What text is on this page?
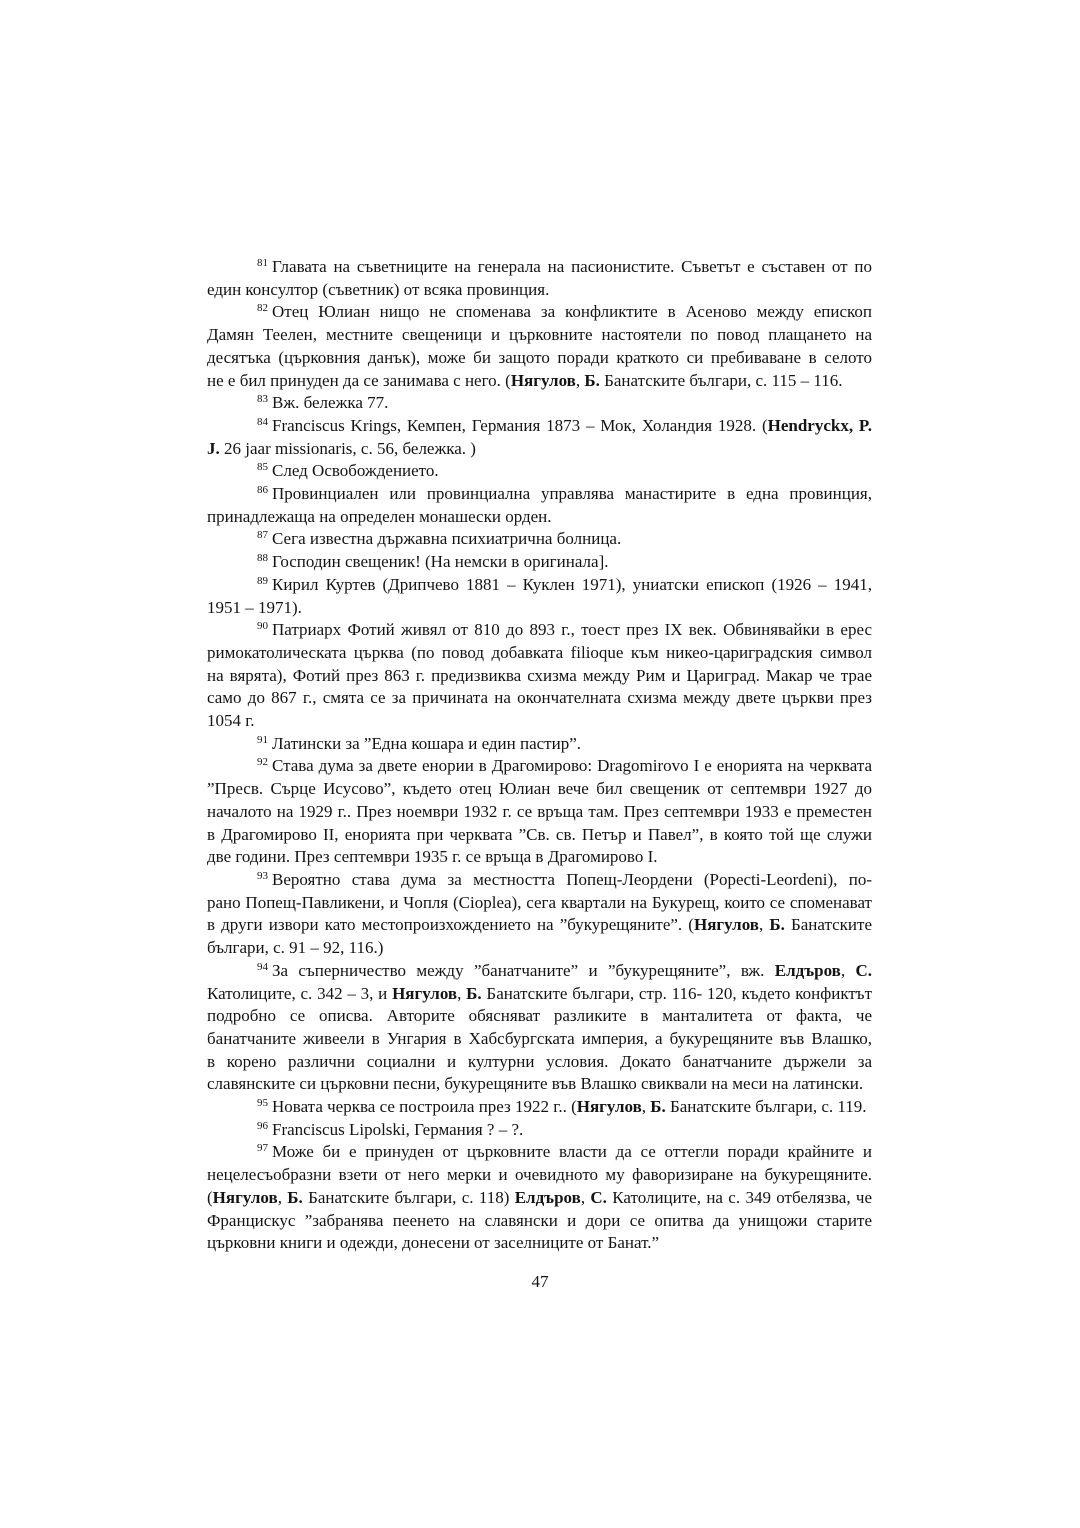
$^{81}$ Главата на съветниците на генерала на пасионистите. Съветът е съставен от по
един консултор (съветник) от всяка провинция.
$^{82}$ Отец Юлиан нищо не споменава за конфликтите в Асеново между епископ
Дамян Теелен, местните свещеници и църковните настоятели по повод плащането на
десятъка (църковния данък), може би защото поради краткото си пребиваване в селото
не е бил принуден да се занимава с него. (Нягулов, Б. Банатските българи, с. 115 – 116.
$^{83}$ Вж. бележка 77.
$^{84}$ Franciscus Krings, Кемпен, Германия 1873 – Мок, Холандия 1928. (Hendryckx, P.
J. 26 jaar missionaris, с. 56, бележка. )
$^{85}$ След Освобождението.
$^{86}$ Провинциален или провинциална управлява манастирите в една провинция,
принадлежаща на определен монашески орден.
$^{87}$ Сега известна държавна психиатрична болница.
$^{88}$ Господин свещеник! (На немски в оригинала].
$^{89}$ Кирил Куртев (Дрипчево 1881 – Куклен 1971), униатски епископ (1926 – 1941,
1951 – 1971).
$^{90}$ Патриарх Фотий живял от 810 до 893 г., тоест през IX век. Обвинявайки в ерес
римокатолическата църква (по повод добавката filioque към никео-цариградския символ
на вярята), Фотий през 863 г. предизвиква схизма между Рим и Цариград. Макар че трае
само до 867 г., смята се за причината на окончателната схизма между двете църкви през
1054 г.
$^{91}$ Латински за ”Една кошара и един пастир”.
$^{92}$ Става дума за двете енории в Драгомирово: Dragomirovo I е енорията на черквата
”Пресв. Сърце Исусово”, където отец Юлиан вече бил свещеник от септември 1927 до
началото на 1929 г.. През ноември 1932 г. се връща там. През септември 1933 е преместен
в Драгомирово II, енорията при черквата ”Св. св. Петър и Павел”, в която той ще служи
две години. През септември 1935 г. се връща в Драгомирово I.
$^{93}$ Вероятно става дума за местността Попещ-Леордени (Popecti-Leordeni), по-
рано Попещ-Павликени, и Чопля (Cioplea), сега квартали на Букурещ, които се споменават
в други извори като местопроизхождението на ”букурещяните”. (Нягулов, Б. Банатските
българи, с. 91 – 92, 116.)
$^{94}$ За съперничество между ”банатчаните” и ”букурещяните”, вж. Елдъров, С.
Католиците, с. 342 – 3, и Нягулов, Б. Банатските българи, стр. 116- 120, където конфиктът
подробно се описва. Авторите обясняват разликите в манталитета от факта, че
банатчаните живеели в Унгария в Хабсбургската империя, а букурещяните във Влашко,
в корено различни социални и културни условия. Докато банатчаните държели за
славянските си църковни песни, букурещяните във Влашко свиквали на меси на латински.
$^{95}$ Новата черква се построила през 1922 г.. (Нягулов, Б. Банатските българи, с. 119.
$^{96}$ Franciscus Lipolski, Германия ? – ?.
$^{97}$ Може би е принуден от църковните власти да се оттегли поради крайните и
нецелесъобразни взети от него мерки и очевидното му фаворизиране на букурещяните.
(Нягулов, Б. Банатските българи, с. 118) Елдъров, С. Католиците, на с. 349 отбелязва, че
Францискус ”забранява пеенето на славянски и дори се опитва да унищожи старите
църковни книги и одежди, донесени от заселниците от Банат.”
47
